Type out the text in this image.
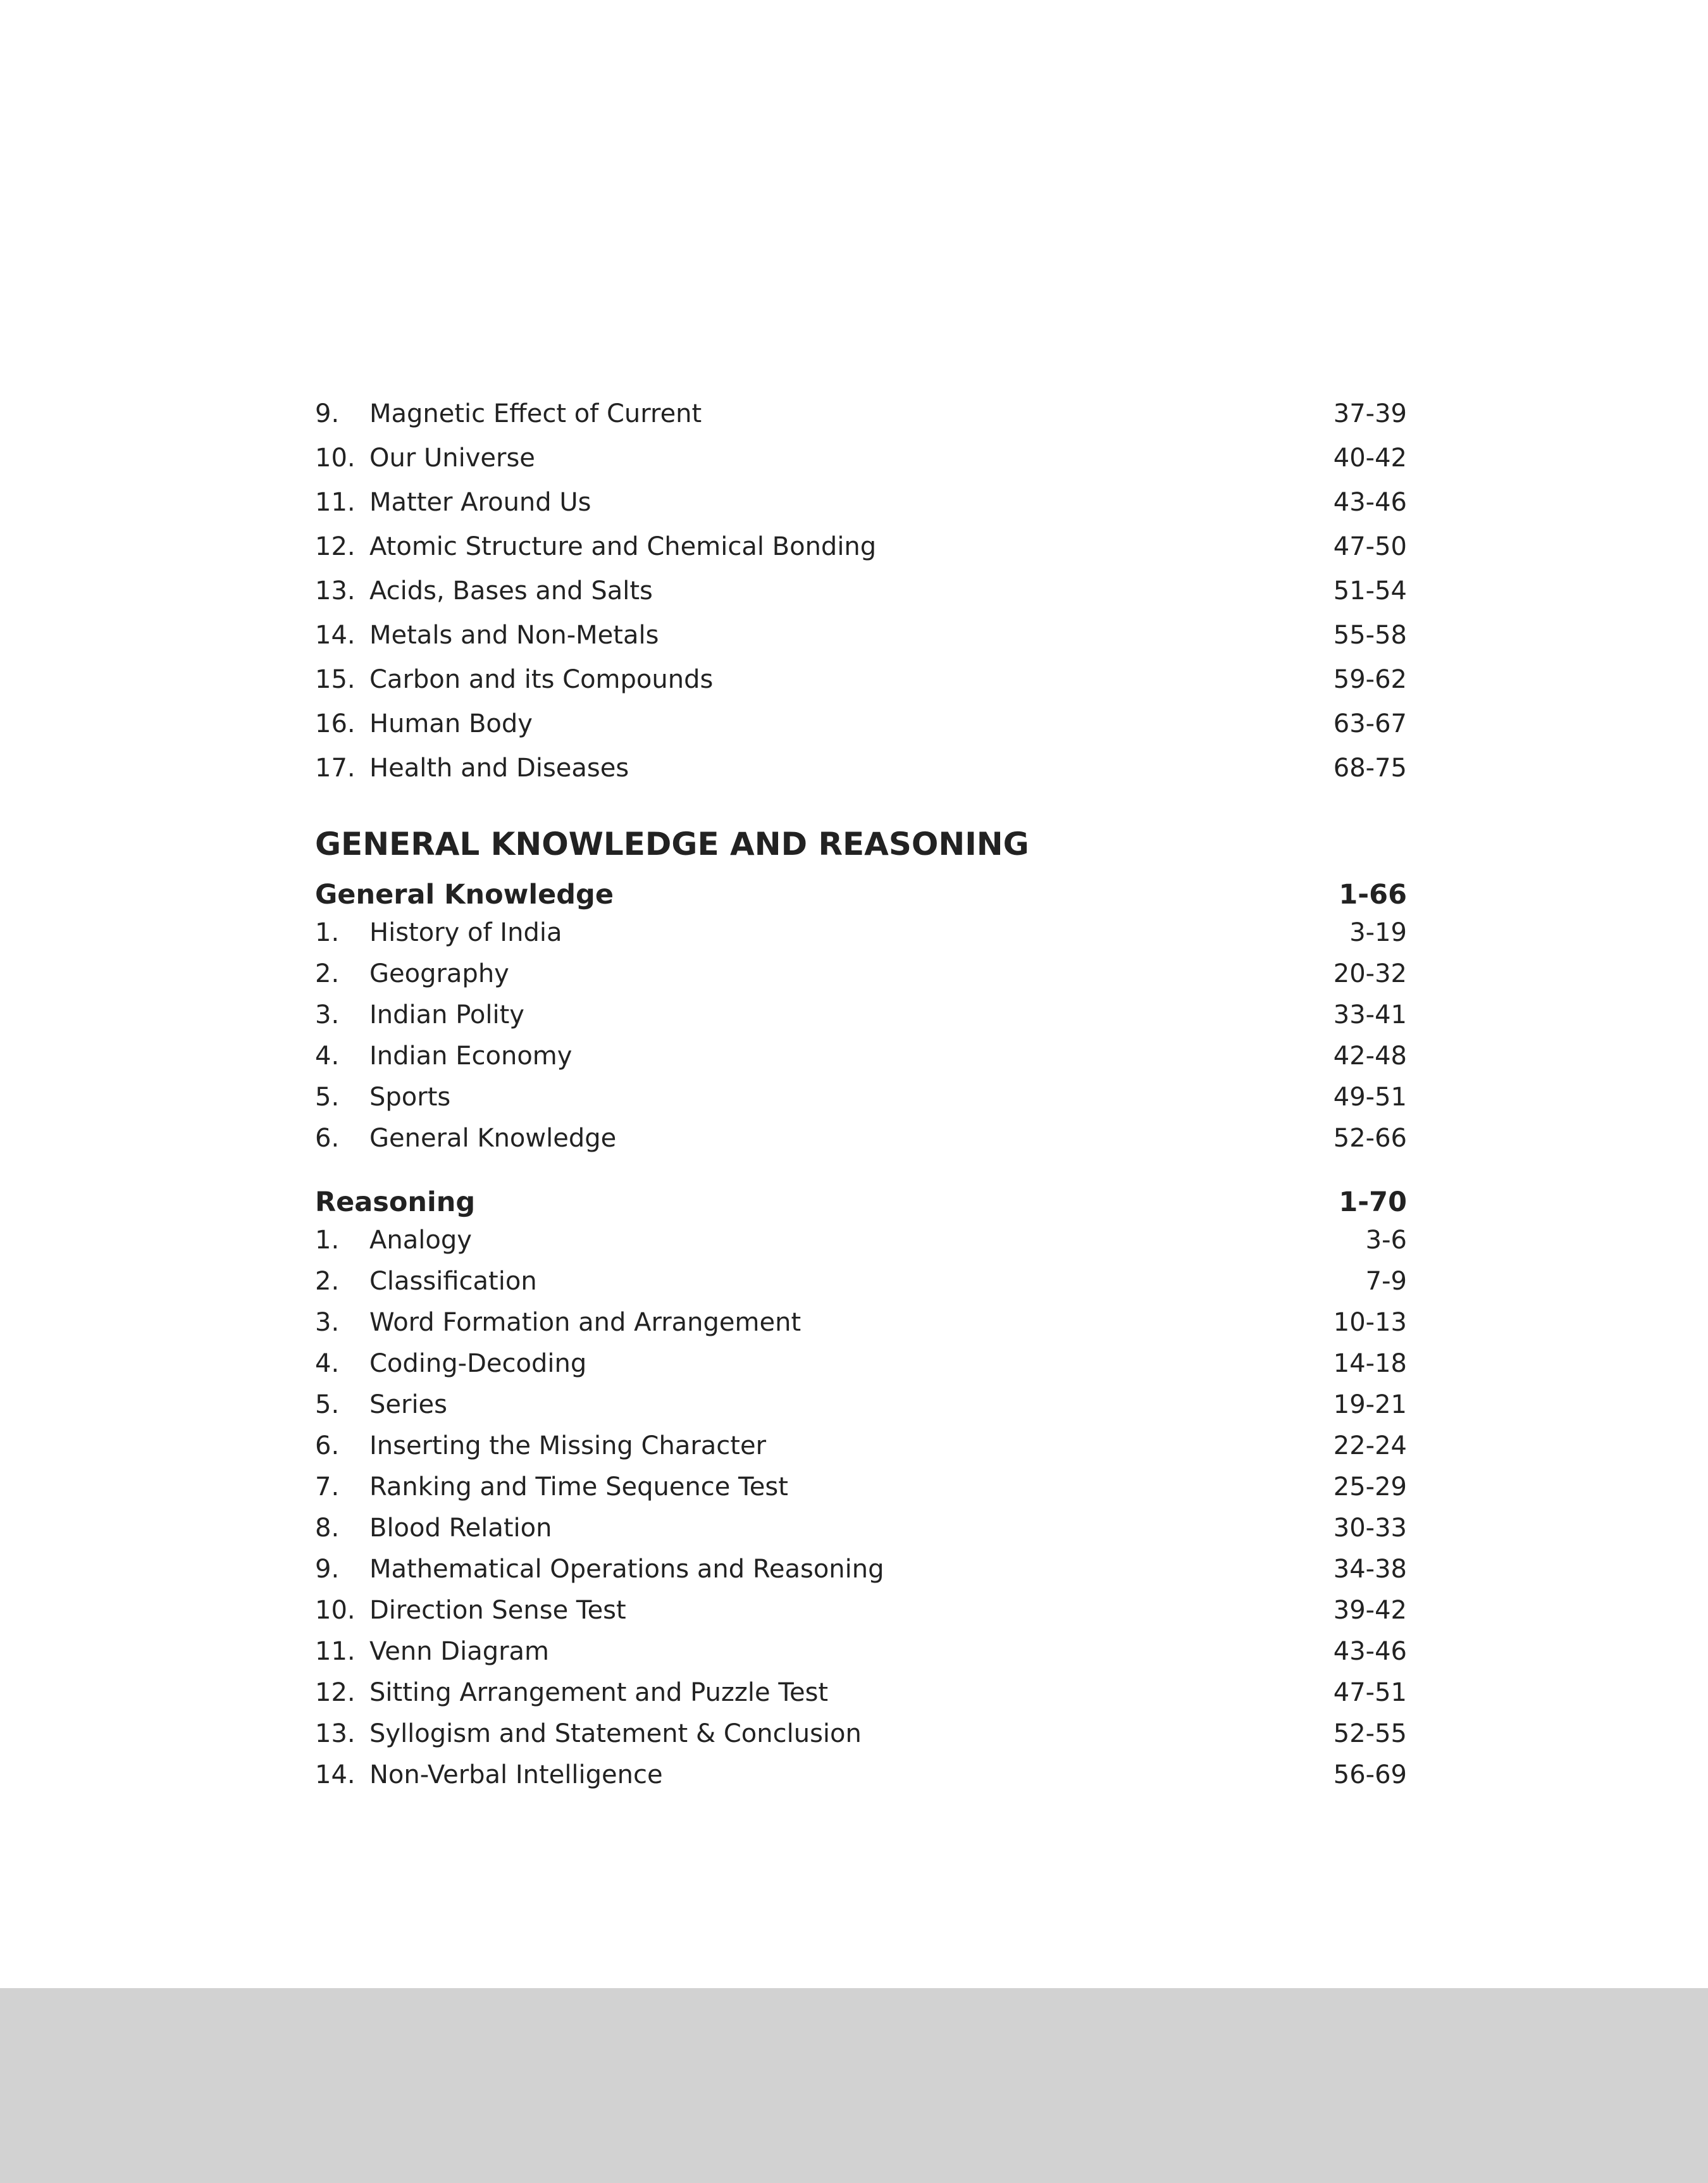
9. Magnetic Effect of Current	37-39
10. Our Universe	40-42
11. Matter Around Us	43-46
12. Atomic Structure and Chemical Bonding	47-50
13. Acids, Bases and Salts	51-54
14. Metals and Non-Metals	55-58
15. Carbon and its Compounds	59-62
16. Human Body	63-67
17. Health and Diseases	68-75
GENERAL KNOWLEDGE AND REASONING
General Knowledge	1-66
1. History of India	3-19
2. Geography	20-32
3. Indian Polity	33-41
4. Indian Economy	42-48
5. Sports	49-51
6. General Knowledge	52-66
Reasoning	1-70
1. Analogy	3-6
2. Classification	7-9
3. Word Formation and Arrangement	10-13
4. Coding-Decoding	14-18
5. Series	19-21
6. Inserting the Missing Character	22-24
7. Ranking and Time Sequence Test	25-29
8. Blood Relation	30-33
9. Mathematical Operations and Reasoning	34-38
10. Direction Sense Test	39-42
11. Venn Diagram	43-46
12. Sitting Arrangement and Puzzle Test	47-51
13. Syllogism and Statement & Conclusion	52-55
14. Non-Verbal Intelligence	56-69
